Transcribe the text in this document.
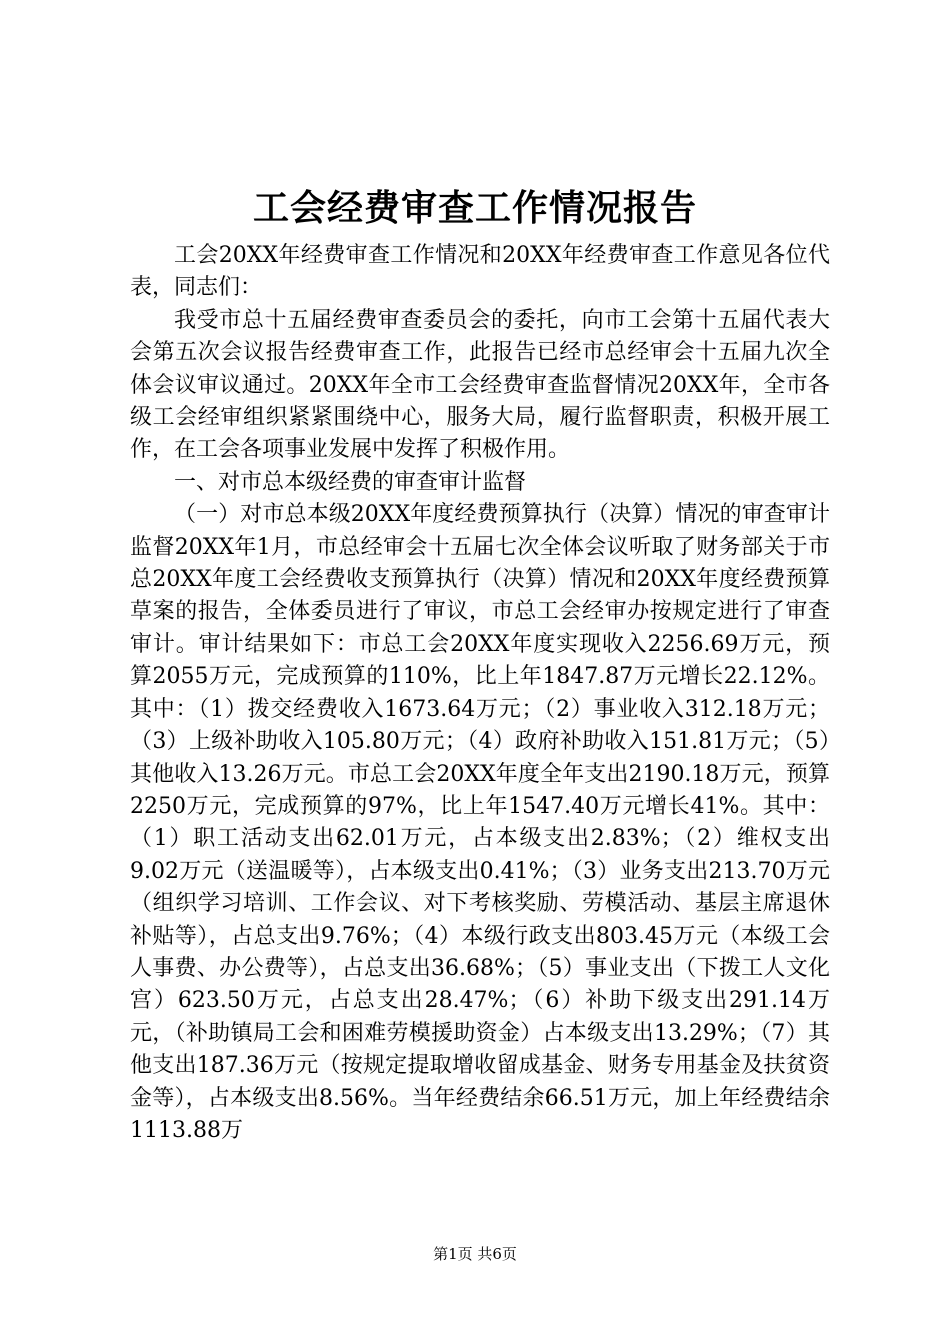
工会经费审查工作情况报告

工会20XX年经费审查工作情况和20XX年经费审查工作意见各位代表，同志们：

我受市总十五届经费审查委员会的委托，向市工会第十五届代表大会第五次会议报告经费审查工作，此报告已经市总经审会十五届九次全体会议审议通过。20XX年全市工会经费审查监督情况20XX年，全市各级工会经审组织紧紧围绕中心，服务大局，履行监督职责，积极开展工作，在工会各项事业发展中发挥了积极作用。

一、对市总本级经费的审查审计监督

（一）对市总本级20XX年度经费预算执行（决算）情况的审查审计监督20XX年1月，市总经审会十五届七次全体会议听取了财务部关于市总20XX年度工会经费收支预算执行（决算）情况和20XX年度经费预算草案的报告，全体委员进行了审议，市总工会经审办按规定进行了审查审计。审计结果如下：市总工会20XX年度实现收入2256.69万元，预算2055万元，完成预算的110%，比上年1847.87万元增长22.12%。其中：（1）拨交经费收入1673.64万元；（2）事业收入312.18万元；（3）上级补助收入105.80万元；（4）政府补助收入151.81万元；（5）其他收入13.26万元。市总工会20XX年度全年支出2190.18万元，预算2250万元，完成预算的97%，比上年1547.40万元增长41%。其中：（1）职工活动支出62.01万元，占本级支出2.83%；（2）维权支出9.02万元（送温暖等），占本级支出0.41%；（3）业务支出213.70万元（组织学习培训、工作会议、对下考核奖励、劳模活动、基层主席退休补贴等），占总支出9.76%；（4）本级行政支出803.45万元（本级工会人事费、办公费等），占总支出36.68%；（5）事业支出（下拨工人文化宫）623.50万元，占总支出28.47%；（6）补助下级支出291.14万元，（补助镇局工会和困难劳模援助资金）占本级支出13.29%；（7）其他支出187.36万元（按规定提取增收留成基金、财务专用基金及扶贫资金等），占本级支出8.56%。当年经费结余66.51万元，加上年经费结余1113.88万

第1页 共6页
